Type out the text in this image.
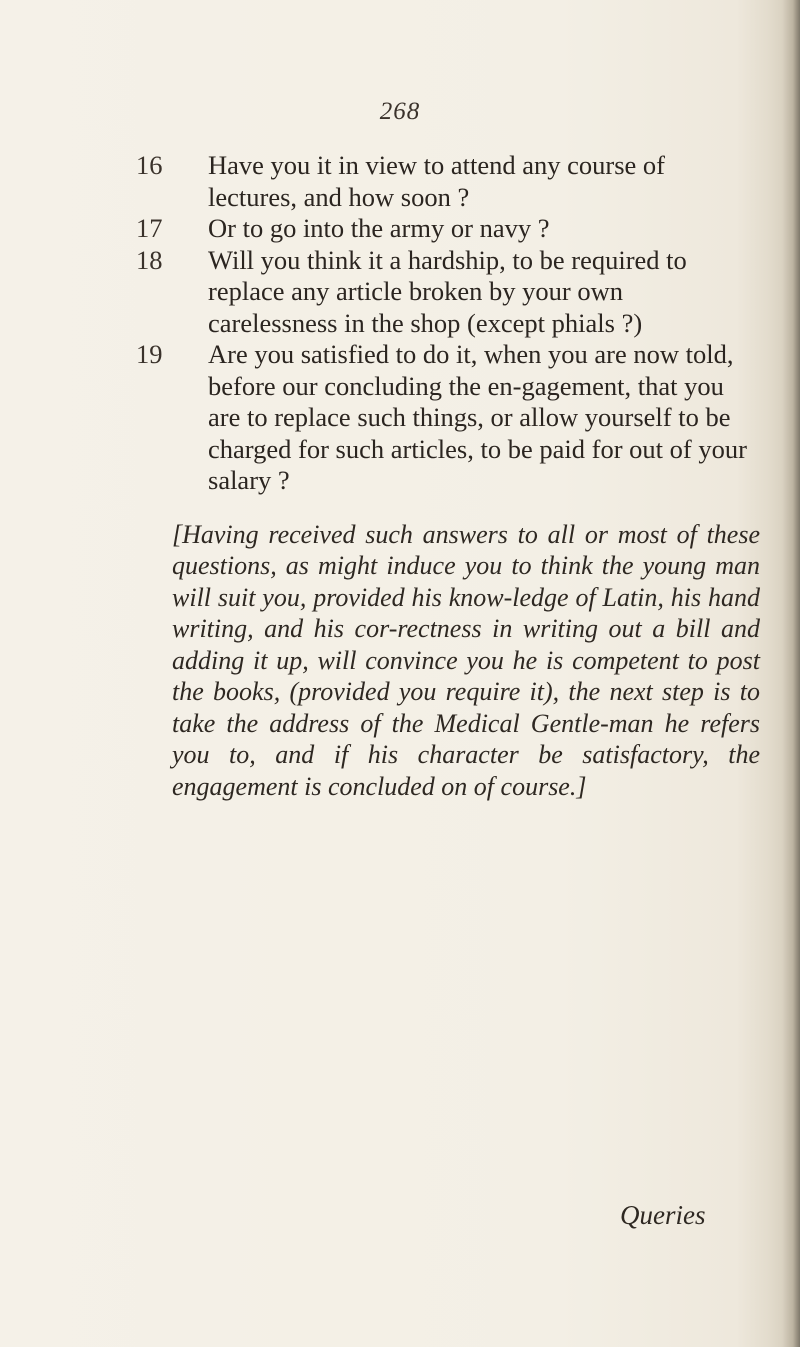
268
16	Have you it in view to attend any course of lectures, and how soon ?
17	Or to go into the army or navy ?
18	Will you think it a hardship, to be required to replace any article broken by your own carelessness in the shop (except phials ?)
19	Are you satisfied to do it, when you are now told, before our concluding the en-gagement, that you are to replace such things, or allow yourself to be charged for such articles, to be paid for out of your salary ?
[Having received such answers to all or most of these questions, as might induce you to think the young man will suit you, provided his know-ledge of Latin, his hand writing, and his cor-rectness in writing out a bill and adding it up, will convince you he is competent to post the books, (provided you require it), the next step is to take the address of the Medical Gentle-man he refers you to, and if his character be satisfactory, the engagement is concluded on of course.]
Queries
